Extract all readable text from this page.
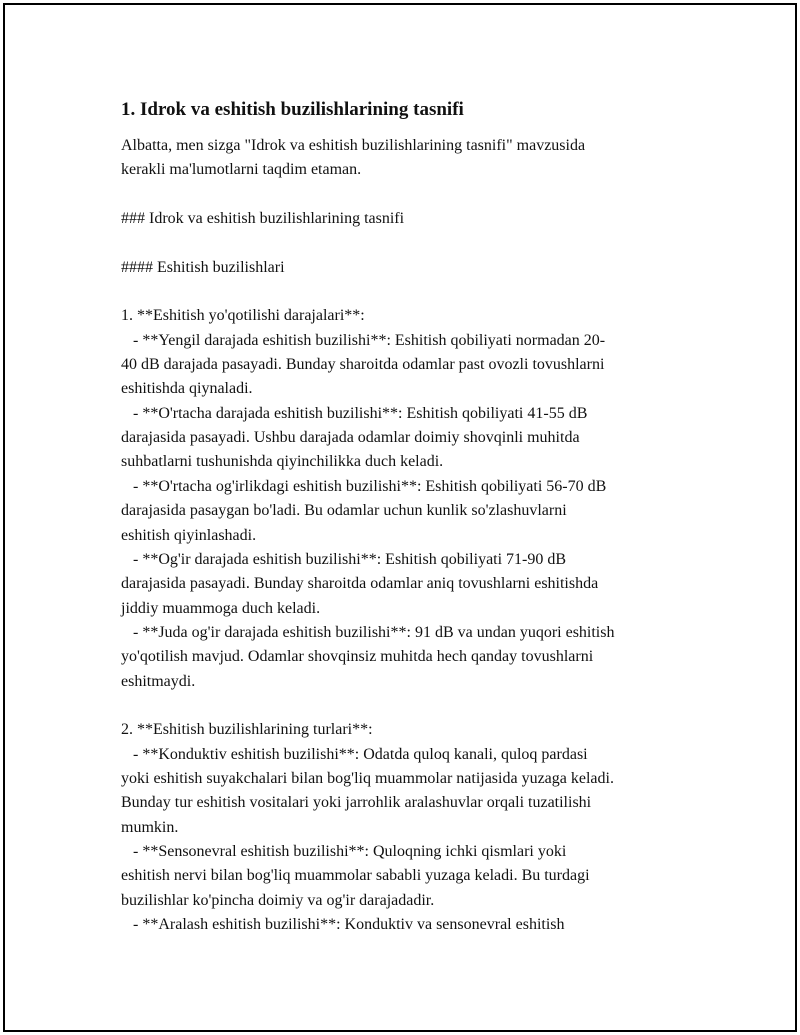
1. Idrok va eshitish buzilishlarining tasnifi
Albatta, men sizga "Idrok va eshitish buzilishlarining tasnifi" mavzusida
kerakli ma'lumotlarni taqdim etaman.
### Idrok va eshitish buzilishlarining tasnifi
#### Eshitish buzilishlari
1. **Eshitish yo'qotilishi darajalari**:
- **Yengil darajada eshitish buzilishi**: Eshitish qobiliyati normadan 20-
40 dB darajada pasayadi. Bunday sharoitda odamlar past ovozli tovushlarni
eshitishda qiynaladi.
- **O'rtacha darajada eshitish buzilishi**: Eshitish qobiliyati 41-55 dB
darajasida pasayadi. Ushbu darajada odamlar doimiy shovqinli muhitda
suhbatlarni tushunishda qiyinchilikka duch keladi.
- **O'rtacha og'irlikdagi eshitish buzilishi**: Eshitish qobiliyati 56-70 dB
darajasida pasaygan bo'ladi. Bu odamlar uchun kunlik so'zlashuvlarni
eshitish qiyinlashadi.
- **Og'ir darajada eshitish buzilishi**: Eshitish qobiliyati 71-90 dB
darajasida pasayadi. Bunday sharoitda odamlar aniq tovushlarni eshitishda
jiddiy muammoga duch keladi.
- **Juda og'ir darajada eshitish buzilishi**: 91 dB va undan yuqori eshitish
yo'qotilish mavjud. Odamlar shovqinsiz muhitda hech qanday tovushlarni
eshitmaydi.
2. **Eshitish buzilishlarining turlari**:
- **Konduktiv eshitish buzilishi**: Odatda quloq kanali, quloq pardasi
yoki eshitish suyakchalari bilan bog'liq muammolar natijasida yuzaga keladi.
Bunday tur eshitish vositalari yoki jarrohlik aralashuvlar orqali tuzatilishi
mumkin.
- **Sensonevral eshitish buzilishi**: Quloqning ichki qismlari yoki
eshitish nervi bilan bog'liq muammolar sababli yuzaga keladi. Bu turdagi
buzilishlar ko'pincha doimiy va og'ir darajadadir.
- **Aralash eshitish buzilishi**: Konduktiv va sensonevral eshitish
